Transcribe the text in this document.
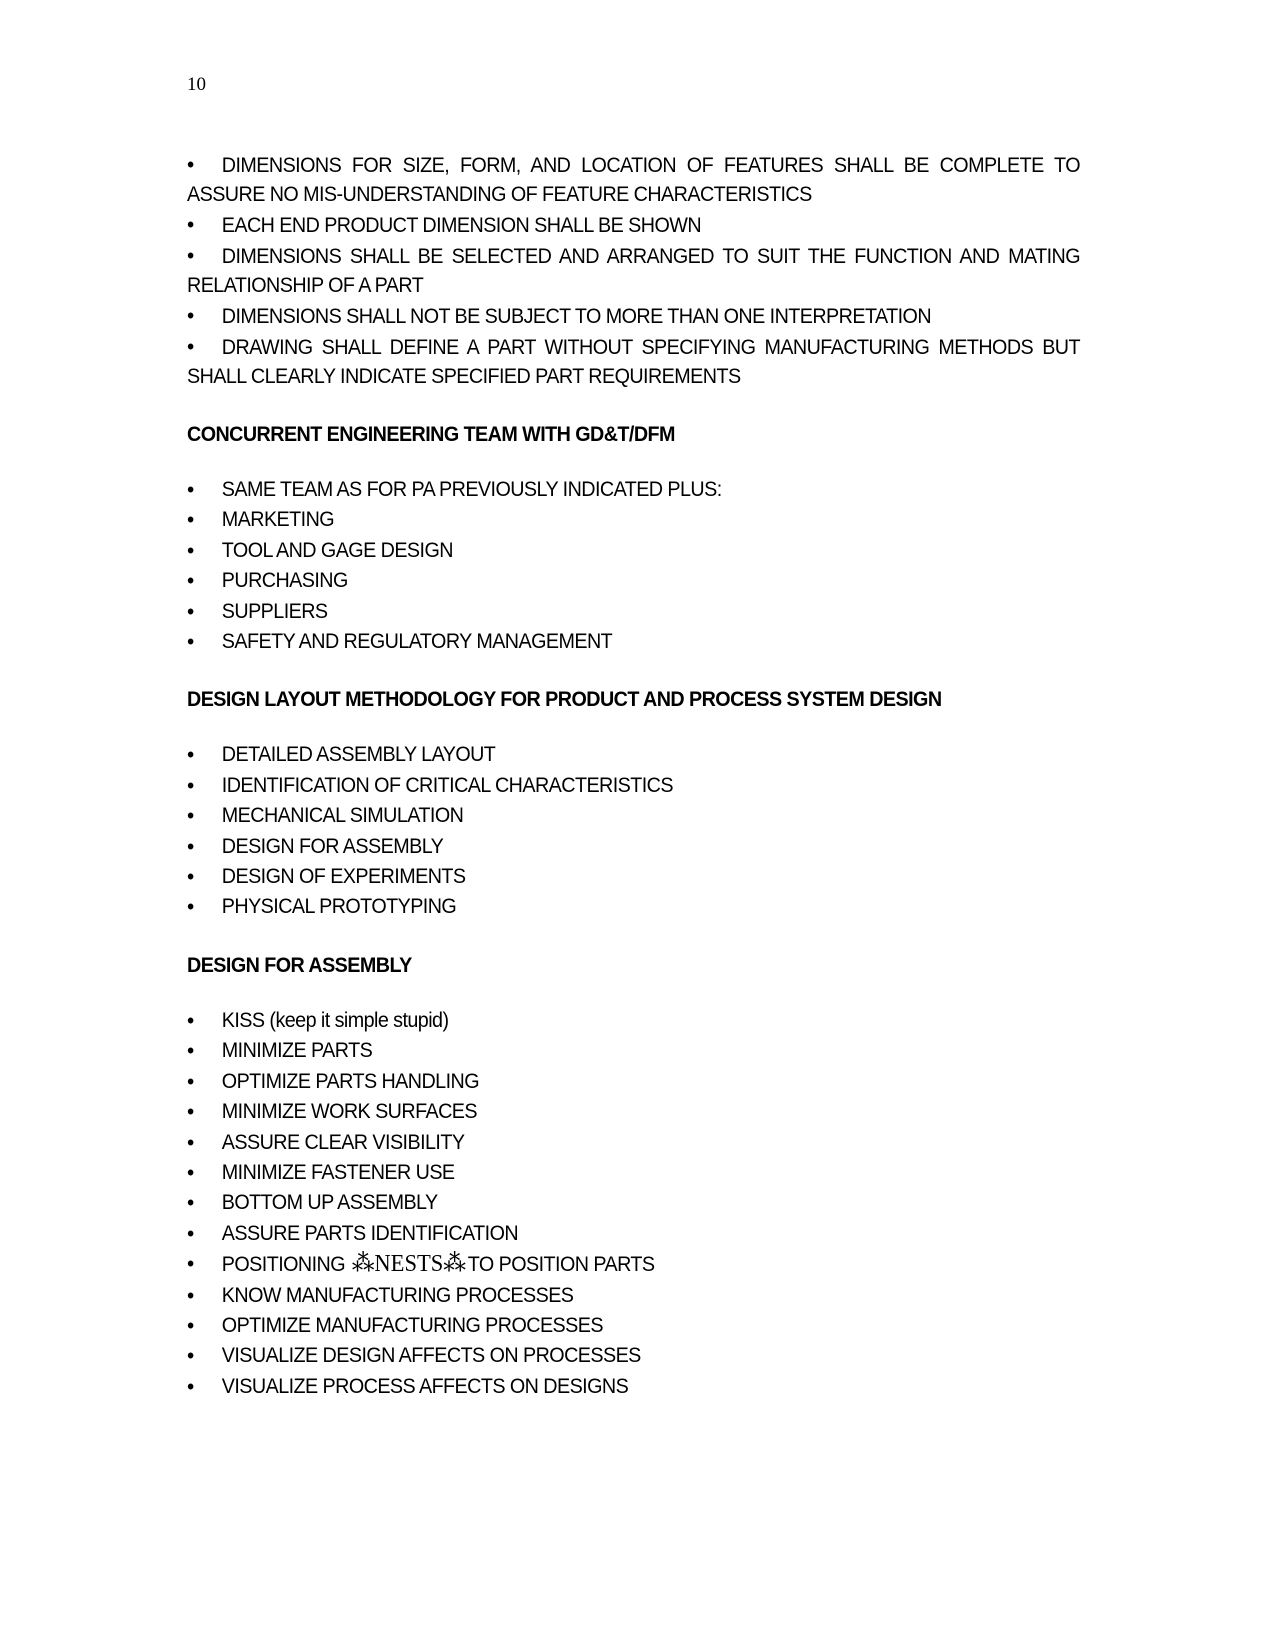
10
•DIMENSIONS FOR SIZE, FORM, AND LOCATION OF FEATURES SHALL BE COMPLETE TO ASSURE NO MIS-UNDERSTANDING OF FEATURE CHARACTERISTICS
•EACH END PRODUCT DIMENSION SHALL BE SHOWN
•DIMENSIONS SHALL BE SELECTED AND ARRANGED TO SUIT THE FUNCTION AND MATING RELATIONSHIP OF A PART
•DIMENSIONS SHALL NOT BE SUBJECT TO MORE THAN ONE INTERPRETATION
•DRAWING SHALL DEFINE A PART WITHOUT SPECIFYING MANUFACTURING METHODS BUT SHALL CLEARLY INDICATE SPECIFIED PART REQUIREMENTS
CONCURRENT ENGINEERING TEAM WITH GD&T/DFM
• SAME TEAM AS FOR PA PREVIOUSLY INDICATED PLUS:
• MARKETING
• TOOL AND GAGE DESIGN
• PURCHASING
• SUPPLIERS
• SAFETY AND REGULATORY MANAGEMENT
DESIGN LAYOUT METHODOLOGY FOR PRODUCT AND PROCESS SYSTEM DESIGN
• DETAILED ASSEMBLY LAYOUT
• IDENTIFICATION OF CRITICAL CHARACTERISTICS
• MECHANICAL SIMULATION
• DESIGN FOR ASSEMBLY
• DESIGN OF EXPERIMENTS
• PHYSICAL PROTOTYPING
DESIGN FOR ASSEMBLY
• KISS (keep it simple stupid)
• MINIMIZE PARTS
• OPTIMIZE PARTS HANDLING
• MINIMIZE WORK SURFACES
• ASSURE CLEAR VISIBILITY
• MINIMIZE FASTENER USE
• BOTTOM UP ASSEMBLY
• ASSURE PARTS IDENTIFICATION
• POSITIONING ⁂NESTS⁂TO POSITION PARTS
• KNOW MANUFACTURING PROCESSES
• OPTIMIZE MANUFACTURING PROCESSES
• VISUALIZE DESIGN AFFECTS ON PROCESSES
• VISUALIZE PROCESS AFFECTS ON DESIGNS
